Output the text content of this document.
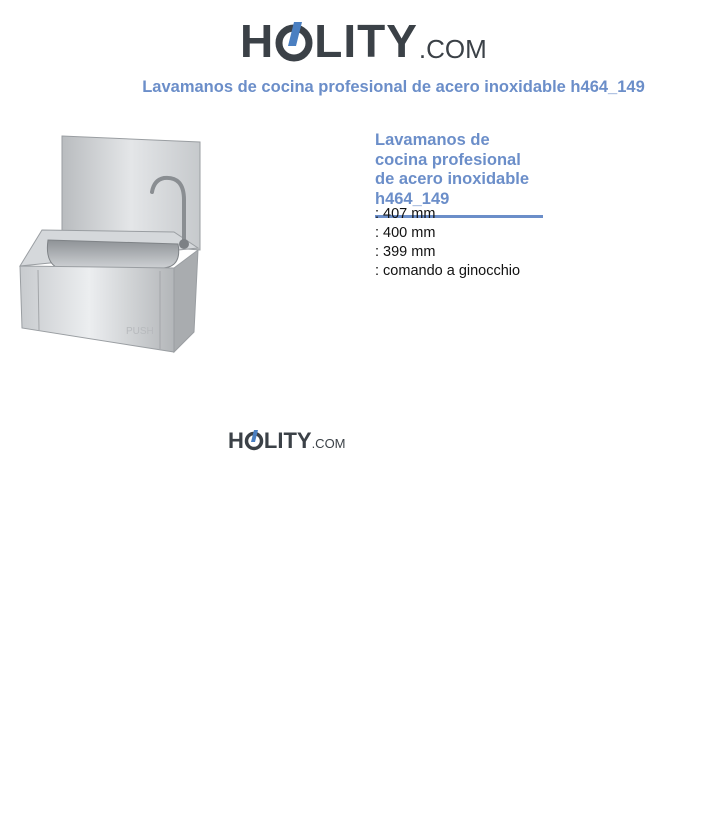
H LITY .COM
Lavamanos de cocina profesional de acero inoxidable h464_149
PUSH
Lavamanos de cocina profesional de acero inoxidable h464_149
: 407 mm
: 400 mm
: 399 mm
: comando a ginocchio
H LITY .COM
